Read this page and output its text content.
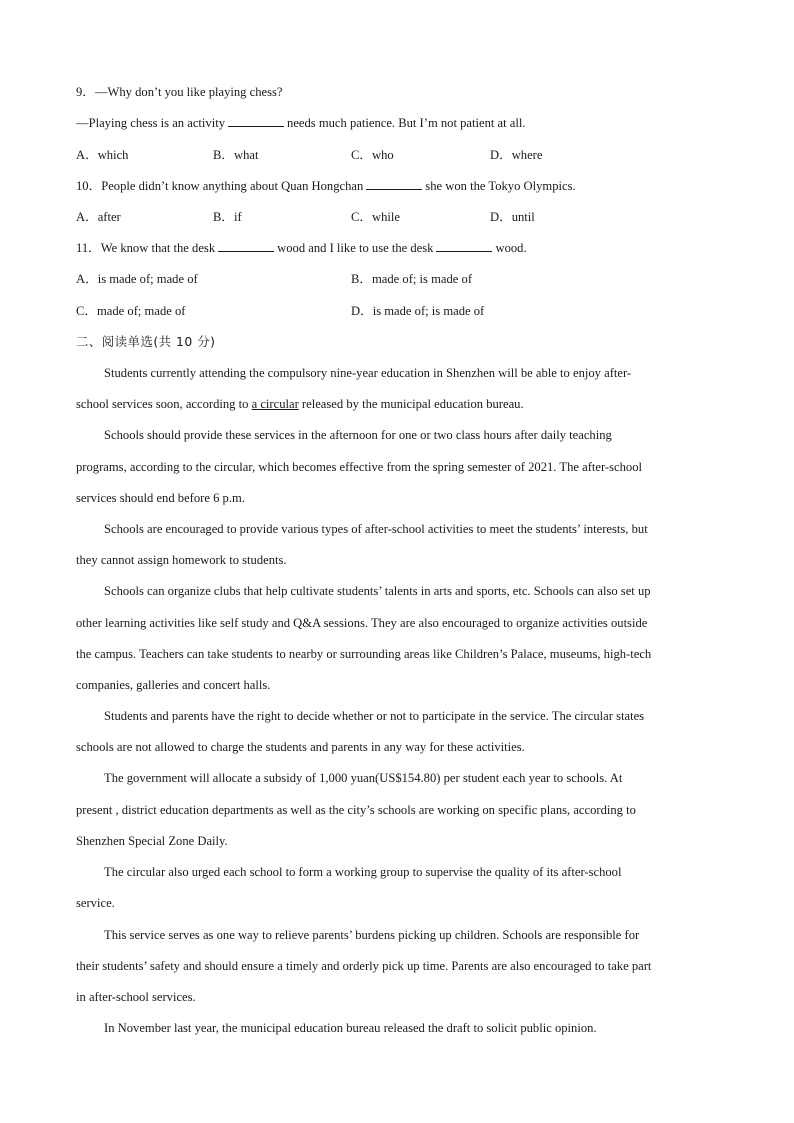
9．—Why don’t you like playing chess?
—Playing chess is an activity	needs much patience. But I’m not patient at all.
A．which	B．what	C．who	D．where
10．People didn’t know anything about Quan Hongchan	she won the Tokyo Olympics.
A．after	B．if	C．while	D．until
11．We know that the desk	wood and I like to use the desk	wood.
A．is made of; made of	B．made of; is made of
C．made of; made of	D．is made of; is made of
二、阅读单选(共 10 分)
Students currently attending the compulsory nine-year education in Shenzhen will be able to enjoy after-
school services soon, according to a circular released by the municipal education bureau.
Schools should provide these services in the afternoon for one or two class hours after daily teaching
programs, according to the circular, which becomes effective from the spring semester of 2021. The after-school
services should end before 6 p.m.
Schools are encouraged to provide various types of after-school activities to meet the students’ interests, but
they cannot assign homework to students.
Schools can organize clubs that help cultivate students’ talents in arts and sports, etc. Schools can also set up
other learning activities like self study and Q&A sessions. They are also encouraged to organize activities outside
the campus. Teachers can take students to nearby or surrounding areas like Children’s Palace, museums, high-tech
companies, galleries and concert halls.
Students and parents have the right to decide whether or not to participate in the service. The circular states
schools are not allowed to charge the students and parents in any way for these activities.
The government will allocate a subsidy of 1,000 yuan(US$154.80) per student each year to schools. At
present , district education departments as well as the city’s schools are working on specific plans, according to
Shenzhen Special Zone Daily.
The circular also urged each school to form a working group to supervise the quality of its after-school
service.
This service serves as one way to relieve parents’ burdens picking up children. Schools are responsible for
their students’ safety and should ensure a timely and orderly pick up time. Parents are also encouraged to take part
in after-school services.
In November last year, the municipal education bureau released the draft to solicit public opinion.
